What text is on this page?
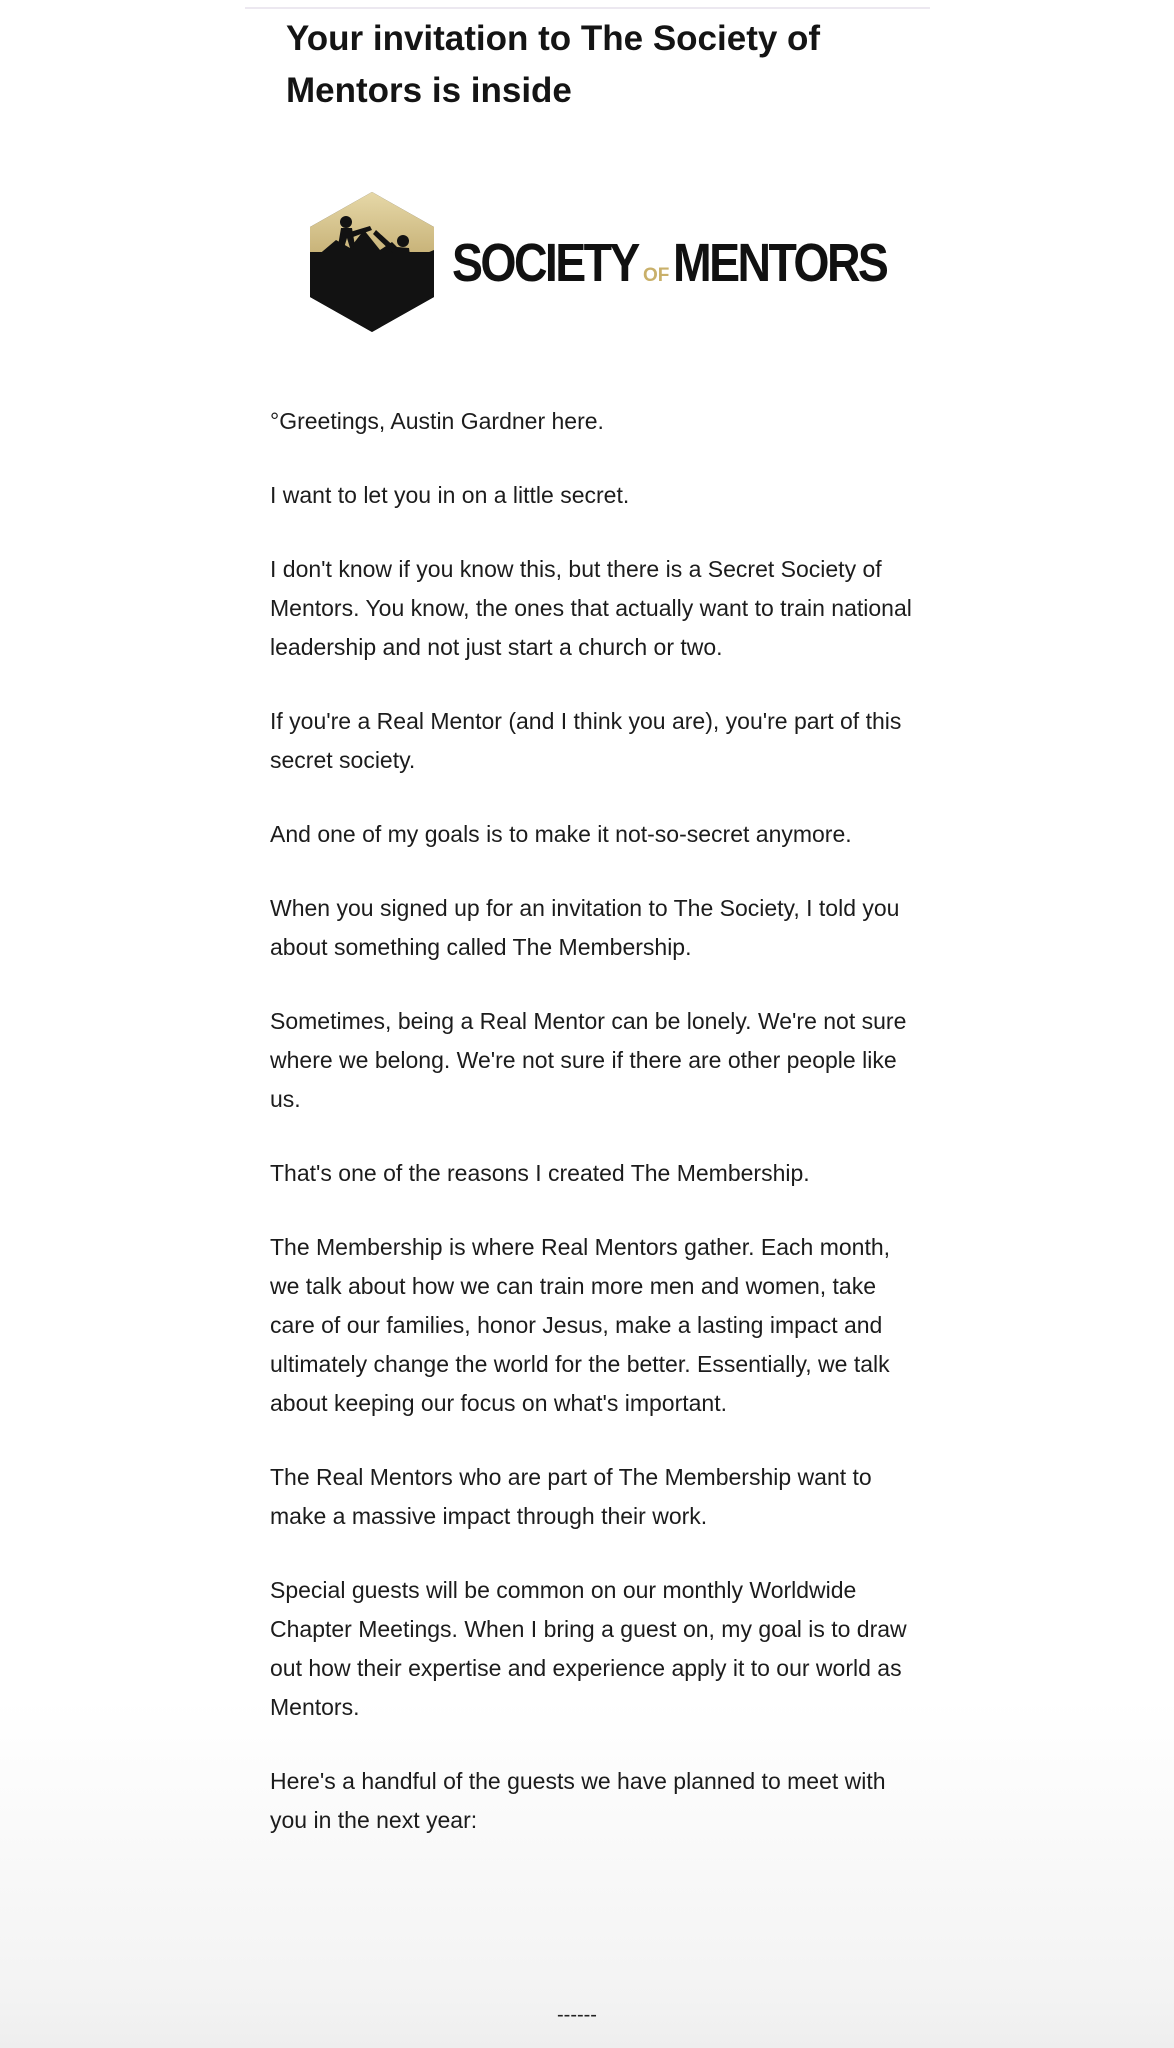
Your invitation to The Society of Mentors is inside
SOCIETY OFMENTORS

°Greetings, Austin Gardner here.

I want to let you in on a little secret.

I don't know if you know this, but there is a Secret Society of Mentors. You know, the ones that actually want to train national leadership and not just start a church or two.

If you're a Real Mentor (and I think you are), you're part of this secret society.

And one of my goals is to make it not-so-secret anymore.

When you signed up for an invitation to The Society, I told you about something called The Membership.

Sometimes, being a Real Mentor can be lonely. We're not sure where we belong. We're not sure if there are other people like us.

That's one of the reasons I created The Membership.

The Membership is where Real Mentors gather. Each month, we talk about how we can train more men and women, take care of our families, honor Jesus, make a lasting impact and ultimately change the world for the better. Essentially, we talk about keeping our focus on what's important.

The Real Mentors who are part of The Membership want to make a massive impact through their work.

Special guests will be common on our monthly Worldwide Chapter Meetings. When I bring a guest on, my goal is to draw out how their expertise and experience apply it to our world as Mentors.

Here's a handful of the guests we have planned to meet with you in the next year:

------
